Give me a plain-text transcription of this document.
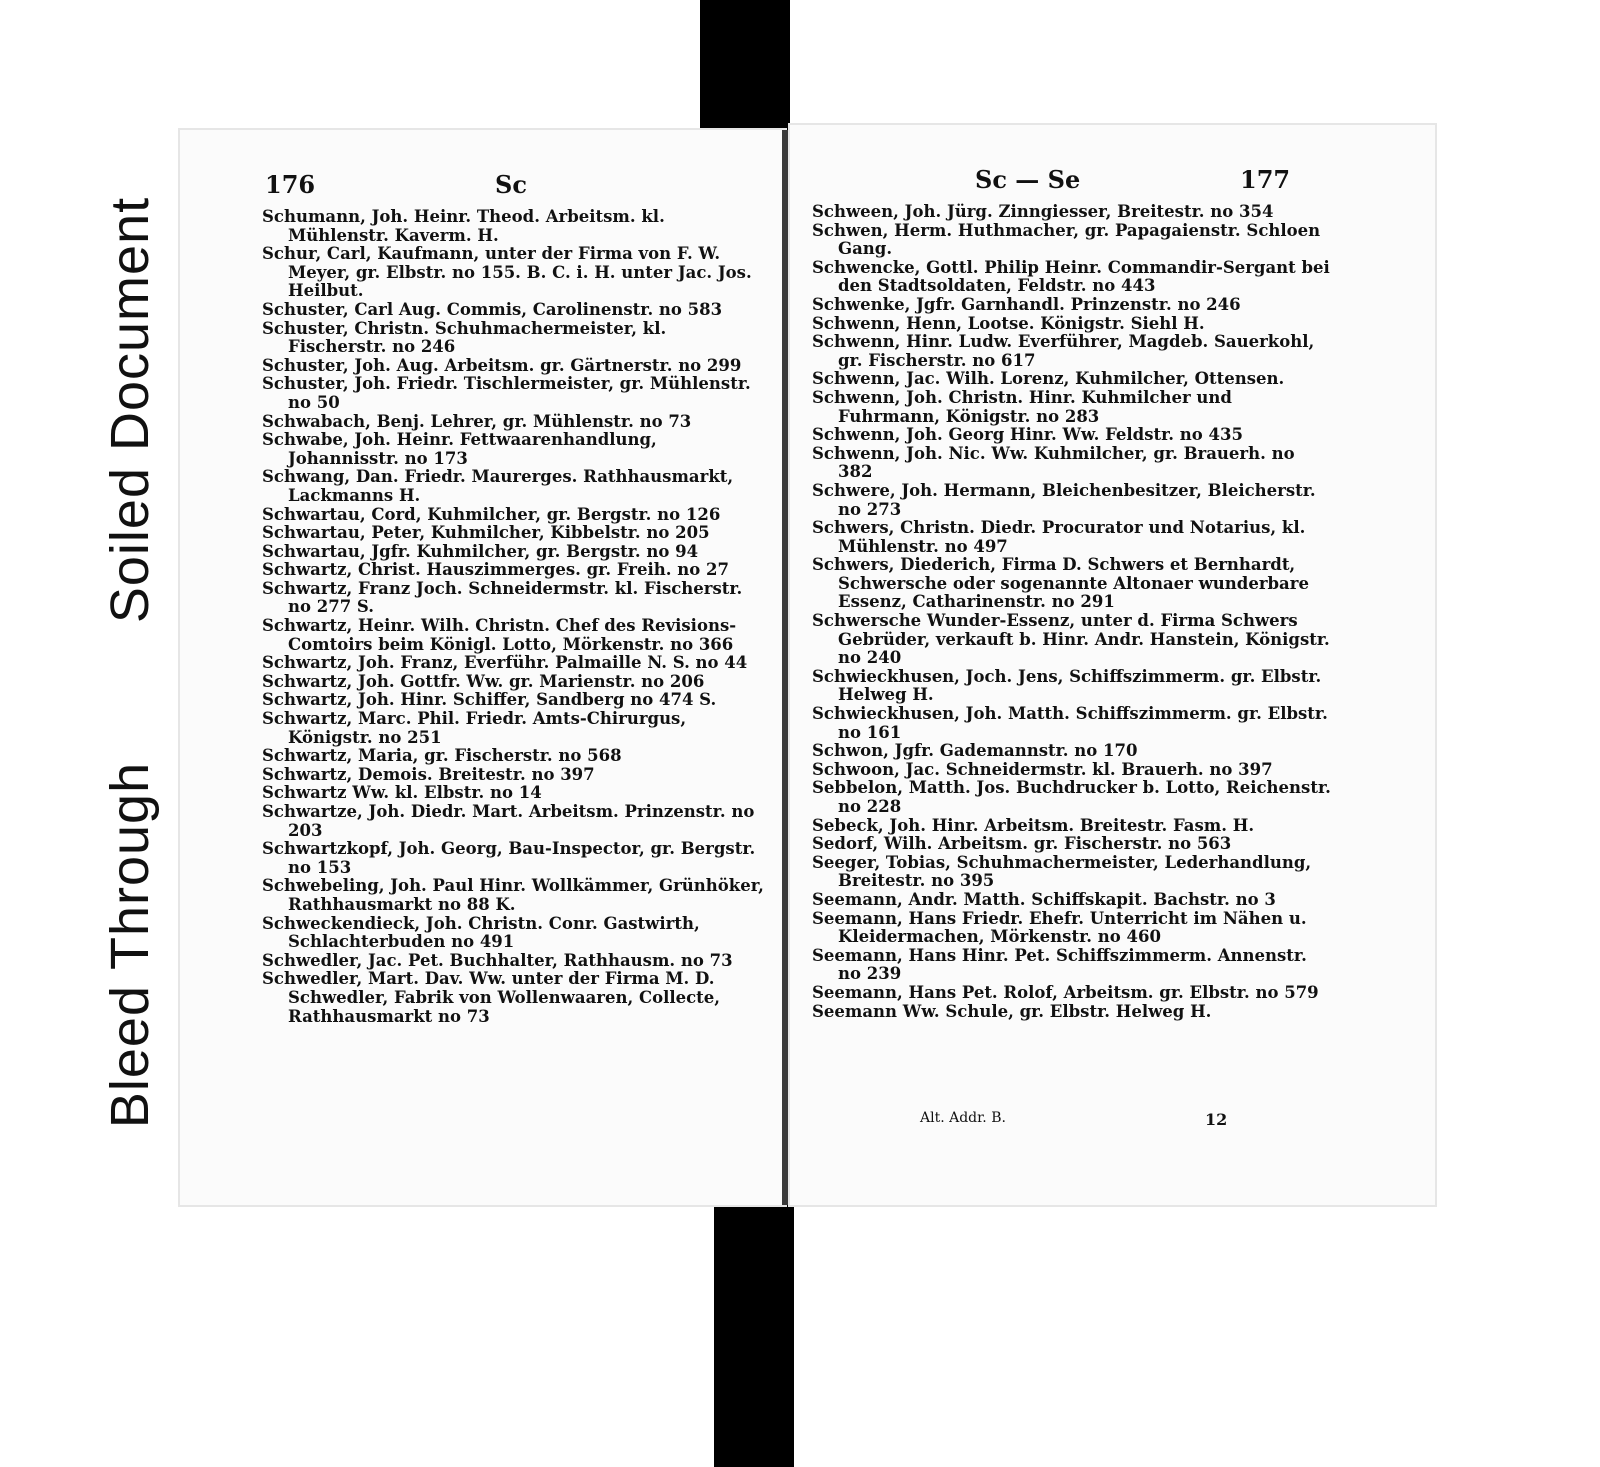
Soiled Document
Bleed Through
176	Sc

Schumann, Joh. Heinr. Theod. Arbeitsm. kl. Mühlenstr. Kaverm. H.

Schur, Carl, Kaufmann, unter der Firma von F. W. Meyer, gr. Elbstr. no 155. B. C. i. H. unter Jac. Jos. Heilbut.

Schuster, Carl Aug. Commis, Carolinenstr. no 583

Schuster, Christn. Schuhmachermeister, kl. Fischerstr. no 246

Schuster, Joh. Aug. Arbeitsm. gr. Gärtnerstr. no 299

Schuster, Joh. Friedr. Tischlermeister, gr. Mühlenstr. no 50

Schwabach, Benj. Lehrer, gr. Mühlenstr. no 73

Schwabe, Joh. Heinr. Fettwaarenhandlung, Johannisstr. no 173

Schwang, Dan. Friedr. Maurerges. Rathhausmarkt, Lackmanns H.

Schwartau, Cord, Kuhmilcher, gr. Bergstr. no 126

Schwartau, Peter, Kuhmilcher, Kibbelstr. no 205

Schwartau, Jgfr. Kuhmilcher, gr. Bergstr. no 94

Schwartz, Christ. Hauszimmerges. gr. Freih. no 27

Schwartz, Franz Joch. Schneidermstr. kl. Fischerstr. no 277 S.

Schwartz, Heinr. Wilh. Christn. Chef des Revisions-Comtoirs beim Königl. Lotto, Mörkenstr. no 366

Schwartz, Joh. Franz, Everführ. Palmaille N. S. no 44

Schwartz, Joh. Gottfr. Ww. gr. Marienstr. no 206

Schwartz, Joh. Hinr. Schiffer, Sandberg no 474 S.

Schwartz, Marc. Phil. Friedr. Amts-Chirurgus, Königstr. no 251

Schwartz, Maria, gr. Fischerstr. no 568

Schwartz, Demois. Breitestr. no 397

Schwartz Ww. kl. Elbstr. no 14

Schwartze, Joh. Diedr. Mart. Arbeitsm. Prinzenstr. no 203

Schwartzkopf, Joh. Georg, Bau-Inspector, gr. Bergstr. no 153

Schwebeling, Joh. Paul Hinr. Wollkämmer, Grünhöker, Rathhausmarkt no 88 K.

Schweckendieck, Joh. Christn. Conr. Gastwirth, Schlachterbuden no 491

Schwedler, Jac. Pet. Buchhalter, Rathhausm. no 73

Schwedler, Mart. Dav. Ww. unter der Firma M. D. Schwedler, Fabrik von Wollenwaaren, Collecte, Rathhausmarkt no 73

Sc — Se	177

Schween, Joh. Jürg. Zinngiesser, Breitestr. no 354

Schwen, Herm. Huthmacher, gr. Papagaienstr. Schloen Gang.

Schwencke, Gottl. Philip Heinr. Commandir-Sergant bei den Stadtsoldaten, Feldstr. no 443

Schwenke, Jgfr. Garnhandl. Prinzenstr. no 246

Schwenn, Henn, Lootse. Königstr. Siehl H.

Schwenn, Hinr. Ludw. Everführer, Magdeb. Sauerkohl, gr. Fischerstr. no 617

Schwenn, Jac. Wilh. Lorenz, Kuhmilcher, Ottensen.

Schwenn, Joh. Christn. Hinr. Kuhmilcher und Fuhrmann, Königstr. no 283

Schwenn, Joh. Georg Hinr. Ww. Feldstr. no 435

Schwenn, Joh. Nic. Ww. Kuhmilcher, gr. Brauerh. no 382

Schwere, Joh. Hermann, Bleichenbesitzer, Bleicherstr. no 273

Schwers, Christn. Diedr. Procurator und Notarius, kl. Mühlenstr. no 497

Schwers, Diederich, Firma D. Schwers et Bernhardt, Schwersche oder sogenannte Altonaer wunderbare Essenz, Catharinenstr. no 291

Schwersche Wunder-Essenz, unter d. Firma Schwers Gebrüder, verkauft b. Hinr. Andr. Hanstein, Königstr. no 240

Schwieckhusen, Joch. Jens, Schiffszimmerm. gr. Elbstr. Helweg H.

Schwieckhusen, Joh. Matth. Schiffszimmerm. gr. Elbstr. no 161

Schwon, Jgfr. Gademannstr. no 170

Schwoon, Jac. Schneidermstr. kl. Brauerh. no 397

Sebbelon, Matth. Jos. Buchdrucker b. Lotto, Reichenstr. no 228

Sebeck, Joh. Hinr. Arbeitsm. Breitestr. Fasm. H.

Sedorf, Wilh. Arbeitsm. gr. Fischerstr. no 563

Seeger, Tobias, Schuhmachermeister, Lederhandlung, Breitestr. no 395

Seemann, Andr. Matth. Schiffskapit. Bachstr. no 3

Seemann, Hans Friedr. Ehefr. Unterricht im Nähen u. Kleidermachen, Mörkenstr. no 460

Seemann, Hans Hinr. Pet. Schiffszimmerm. Annenstr. no 239

Seemann, Hans Pet. Rolof, Arbeitsm. gr. Elbstr. no 579

Seemann Ww. Schule, gr. Elbstr. Helweg H.

Alt. Addr. B.	12
